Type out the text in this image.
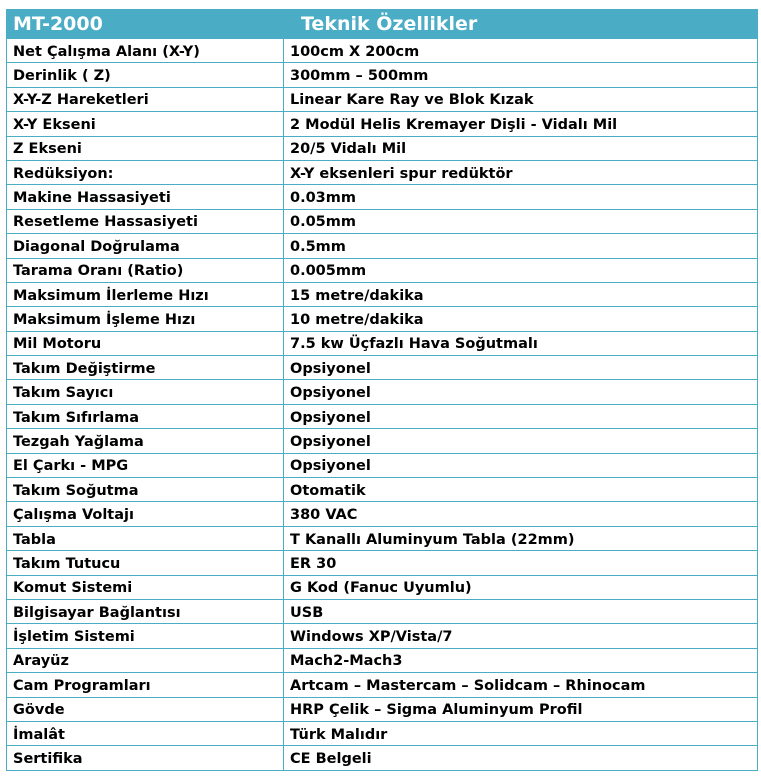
MT-2000	Teknik Özellikler
Net Çalışma Alanı (X-Y)	100cm X 200cm
Derinlik ( Z)	300mm – 500mm
X-Y-Z Hareketleri	Linear Kare Ray ve Blok Kızak
X-Y Ekseni	2 Modül Helis Kremayer Dişli - Vidalı Mil
Z Ekseni	20/5 Vidalı Mil
Redüksiyon:	X-Y eksenleri spur redüktör
Makine Hassasiyeti	0.03mm
Resetleme Hassasiyeti	0.05mm
Diagonal Doğrulama	0.5mm
Tarama Oranı (Ratio)	0.005mm
Maksimum İlerleme Hızı	15 metre/dakika
Maksimum İşleme Hızı	10 metre/dakika
Mil Motoru	7.5 kw Üçfazlı Hava Soğutmalı
Takım Değiştirme	Opsiyonel
Takım Sayıcı	Opsiyonel
Takım Sıfırlama	Opsiyonel
Tezgah Yağlama	Opsiyonel
El Çarkı - MPG	Opsiyonel
Takım Soğutma	Otomatik
Çalışma Voltajı	380 VAC
Tabla	T Kanallı Aluminyum Tabla (22mm)
Takım Tutucu	ER 30
Komut Sistemi	G Kod (Fanuc Uyumlu)
Bilgisayar Bağlantısı	USB
İşletim Sistemi	Windows XP/Vista/7
Arayüz	Mach2-Mach3
Cam Programları	Artcam – Mastercam – Solidcam – Rhinocam
Gövde	HRP Çelik – Sigma Aluminyum Profil
İmalât	Türk Malıdır
Sertifika	CE Belgeli
